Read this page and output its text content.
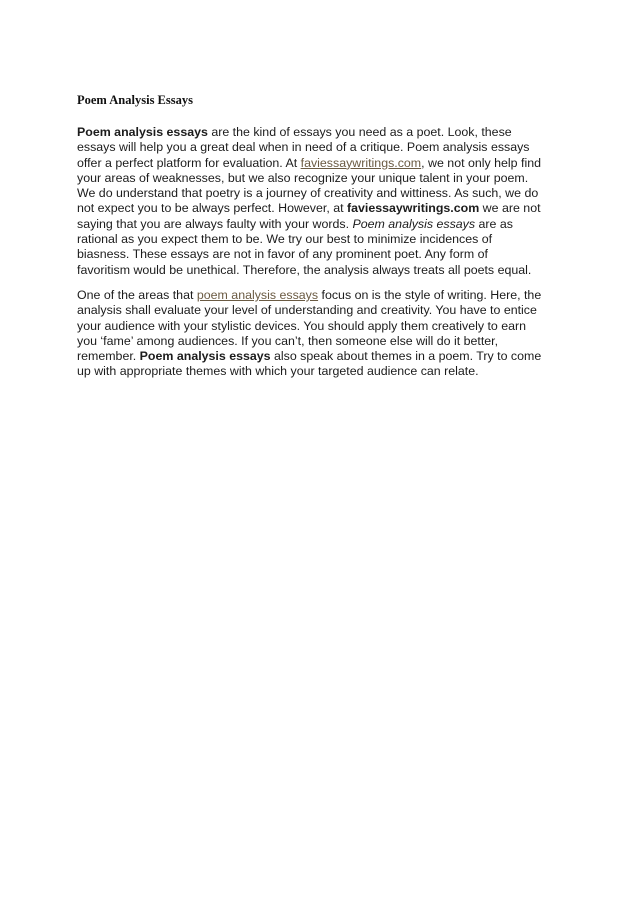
Poem Analysis Essays
Poem analysis essays are the kind of essays you need as a poet. Look, these
essays will help you a great deal when in need of a critique. Poem analysis essays
offer a perfect platform for evaluation. At faviessaywritings.com, we not only help find
your areas of weaknesses, but we also recognize your unique talent in your poem.
We do understand that poetry is a journey of creativity and wittiness. As such, we do
not expect you to be always perfect. However, at faviessaywritings.com we are not
saying that you are always faulty with your words. Poem analysis essays are as
rational as you expect them to be. We try our best to minimize incidences of
biasness. These essays are not in favor of any prominent poet. Any form of
favoritism would be unethical. Therefore, the analysis always treats all poets equal.
One of the areas that poem analysis essays focus on is the style of writing. Here, the
analysis shall evaluate your level of understanding and creativity. You have to entice
your audience with your stylistic devices. You should apply them creatively to earn
you ‘fame’ among audiences. If you can’t, then someone else will do it better,
remember. Poem analysis essays also speak about themes in a poem. Try to come
up with appropriate themes with which your targeted audience can relate.
